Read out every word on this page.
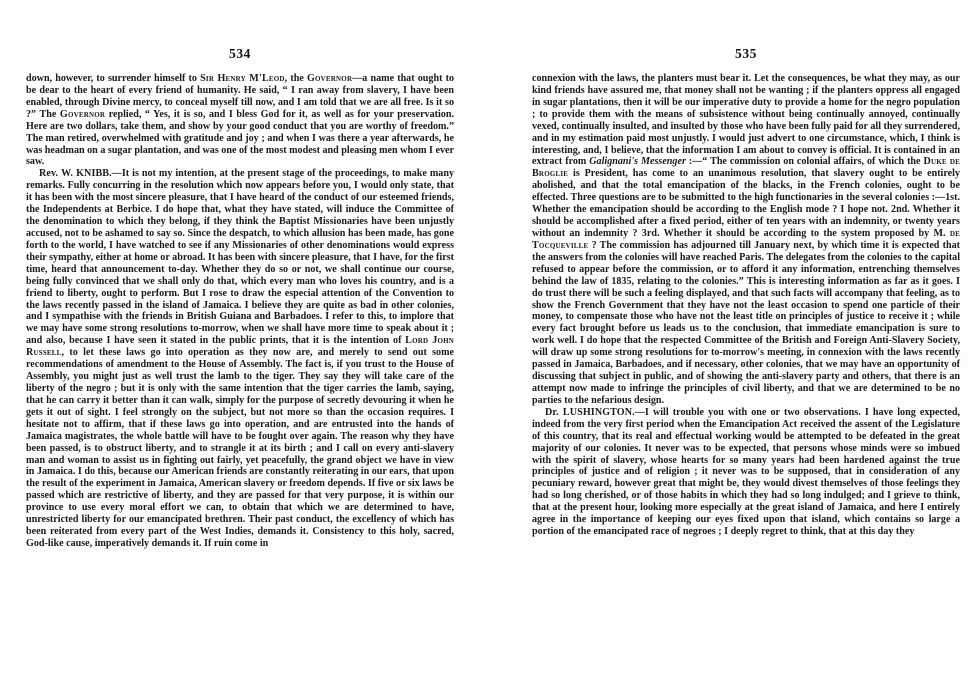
534

down, however, to surrender himself to Sir Henry M'Leod, the Governor—a name that ought to be dear to the heart of every friend of humanity. He said, “ I ran away from slavery, I have been enabled, through Divine mercy, to conceal myself till now, and I am told that we are all free. Is it so ?” The Governor replied, “ Yes, it is so, and I bless God for it, as well as for your preservation. Here are two dollars, take them, and show by your good conduct that you are worthy of freedom.” The man retired, overwhelmed with gratitude and joy ; and when I was there a year afterwards, he was headman on a sugar plantation, and was one of the most modest and pleasing men whom I ever saw.

Rev. W. KNIBB.—It is not my intention, at the present stage of the proceedings, to make many remarks. Fully concurring in the resolution which now appears before you, I would only state, that it has been with the most sincere pleasure, that I have heard of the conduct of our esteemed friends, the Independents at Berbice. I do hope that, what they have stated, will induce the Committee of the denomination to which they belong, if they think the Baptist Missionaries have been unjustly accused, not to be ashamed to say so. Since the despatch, to which allusion has been made, has gone forth to the world, I have watched to see if any Missionaries of other denominations would express their sympathy, either at home or abroad. It has been with sincere pleasure, that I have, for the first time, heard that announcement to-day. Whether they do so or not, we shall continue our course, being fully convinced that we shall only do that, which every man who loves his country, and is a friend to liberty, ought to perform. But I rose to draw the especial attention of the Convention to the laws recently passed in the island of Jamaica. I believe they are quite as bad in other colonies, and I sympathise with the friends in British Guiana and Barbadoes. I refer to this, to implore that we may have some strong resolutions to-morrow, when we shall have more time to speak about it ; and also, because I have seen it stated in the public prints, that it is the intention of Lord John Russell, to let these laws go into operation as they now are, and merely to send out some recommendations of amendment to the House of Assembly. The fact is, if you trust to the House of Assembly, you might just as well trust the lamb to the tiger. They say they will take care of the liberty of the negro ; but it is only with the same intention that the tiger carries the lamb, saying, that he can carry it better than it can walk, simply for the purpose of secretly devouring it when he gets it out of sight. I feel strongly on the subject, but not more so than the occasion requires. I hesitate not to affirm, that if these laws go into operation, and are entrusted into the hands of Jamaica magistrates, the whole battle will have to be fought over again. The reason why they have been passed, is to obstruct liberty, and to strangle it at its birth ; and I call on every anti-slavery man and woman to assist us in fighting out fairly, yet peacefully, the grand object we have in view in Jamaica. I do this, because our American friends are constantly reiterating in our ears, that upon the result of the experiment in Jamaica, American slavery or freedom depends. If five or six laws be passed which are restrictive of liberty, and they are passed for that very purpose, it is within our province to use every moral effort we can, to obtain that which we are determined to have, unrestricted liberty for our emancipated brethren. Their past conduct, the excellency of which has been reiterated from every part of the West Indies, demands it. Consistency to this holy, sacred, God-like cause, imperatively demands it. If ruin come in

535

connexion with the laws, the planters must bear it. Let the consequences, be what they may, as our kind friends have assured me, that money shall not be wanting ; if the planters oppress all engaged in sugar plantations, then it will be our imperative duty to provide a home for the negro population ; to provide them with the means of subsistence without being continually annoyed, continually vexed, continually insulted, and insulted by those who have been fully paid for all they surrendered, and in my estimation paid most unjustly. I would just advert to one circumstance, which, I think is interesting, and, I believe, that the information I am about to convey is official. It is contained in an extract from Galignani's Messenger :—“ The commission on colonial affairs, of which the Duke de Broglie is President, has come to an unanimous resolution, that slavery ought to be entirely abolished, and that the total emancipation of the blacks, in the French colonies, ought to be effected. Three questions are to be submitted to the high functionaries in the several colonies :—1st. Whether the emancipation should be according to the English mode ? I hope not. 2nd. Whether it should be accomplished after a fixed period, either of ten years with an indemnity, or twenty years without an indemnity ? 3rd. Whether it should be according to the system proposed by M. de Tocqueville ? The commission has adjourned till January next, by which time it is expected that the answers from the colonies will have reached Paris. The delegates from the colonies to the capital refused to appear before the commission, or to afford it any information, entrenching themselves behind the law of 1835, relating to the colonies.” This is interesting information as far as it goes. I do trust there will be such a feeling displayed, and that such facts will accompany that feeling, as to show the French Government that they have not the least occasion to spend one particle of their money, to compensate those who have not the least title on principles of justice to receive it ; while every fact brought before us leads us to the conclusion, that immediate emancipation is sure to work well. I do hope that the respected Committee of the British and Foreign Anti-Slavery Society, will draw up some strong resolutions for to-morrow's meeting, in connexion with the laws recently passed in Jamaica, Barbadoes, and if necessary, other colonies, that we may have an opportunity of discussing that subject in public, and of showing the anti-slavery party and others, that there is an attempt now made to infringe the principles of civil liberty, and that we are determined to be no parties to the nefarious design.

Dr. LUSHINGTON.—I will trouble you with one or two observations. I have long expected, indeed from the very first period when the Emancipation Act received the assent of the Legislature of this country, that its real and effectual working would be attempted to be defeated in the great majority of our colonies. It never was to be expected, that persons whose minds were so imbued with the spirit of slavery, whose hearts for so many years had been hardened against the true principles of justice and of religion ; it never was to be supposed, that in consideration of any pecuniary reward, however great that might be, they would divest themselves of those feelings they had so long cherished, or of those habits in which they had so long indulged; and I grieve to think, that at the present hour, looking more especially at the great island of Jamaica, and here I entirely agree in the importance of keeping our eyes fixed upon that island, which contains so large a portion of the emancipated race of negroes ; I deeply regret to think, that at this day they
